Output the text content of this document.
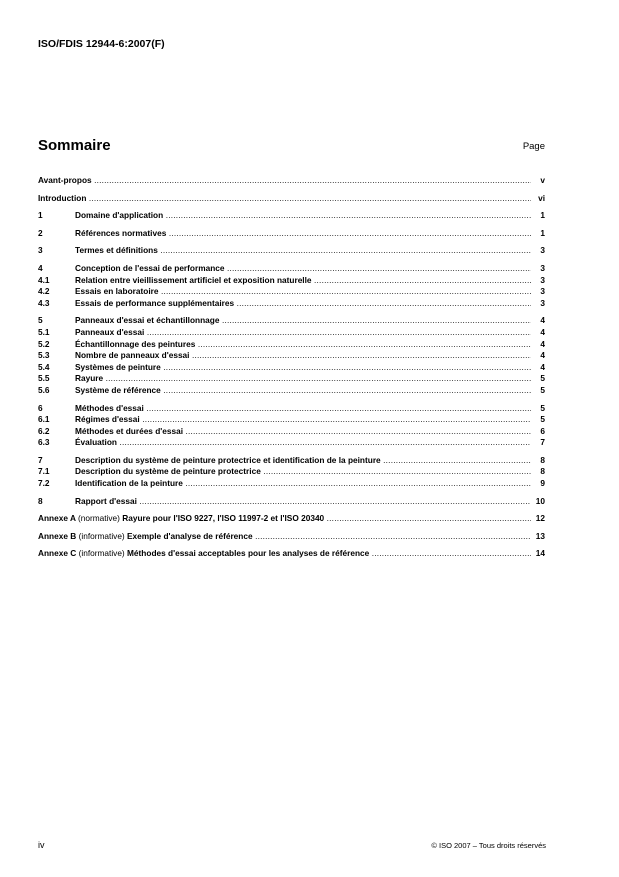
ISO/FDIS 12944-6:2007(F)
Sommaire	Page
Avant-propos .....	v
Introduction .....	vi
1	Domaine d'application .....	1
2	Références normatives .....	1
3	Termes et définitions .....	3
4	Conception de l'essai de performance .....	3
4.1	Relation entre vieillissement artificiel et exposition naturelle .....	3
4.2	Essais en laboratoire .....	3
4.3	Essais de performance supplémentaires .....	3
5	Panneaux d'essai et échantillonnage .....	4
5.1	Panneaux d'essai .....	4
5.2	Échantillonnage des peintures .....	4
5.3	Nombre de panneaux d'essai .....	4
5.4	Systèmes de peinture .....	4
5.5	Rayure .....	5
5.6	Système de référence .....	5
6	Méthodes d'essai .....	5
6.1	Régimes d'essai .....	5
6.2	Méthodes et durées d'essai .....	6
6.3	Évaluation .....	7
7	Description du système de peinture protectrice et identification de la peinture .....	8
7.1	Description du système de peinture protectrice .....	8
7.2	Identification de la peinture .....	9
8	Rapport d'essai .....	10
Annexe A (normative) Rayure pour l'ISO 9227, l'ISO 11997-2 et l'ISO 20340 .....	12
Annexe B (informative) Exemple d'analyse de référence .....	13
Annexe C (informative) Méthodes d'essai acceptables pour les analyses de référence .....	14
iv	© ISO 2007 – Tous droits réservés
